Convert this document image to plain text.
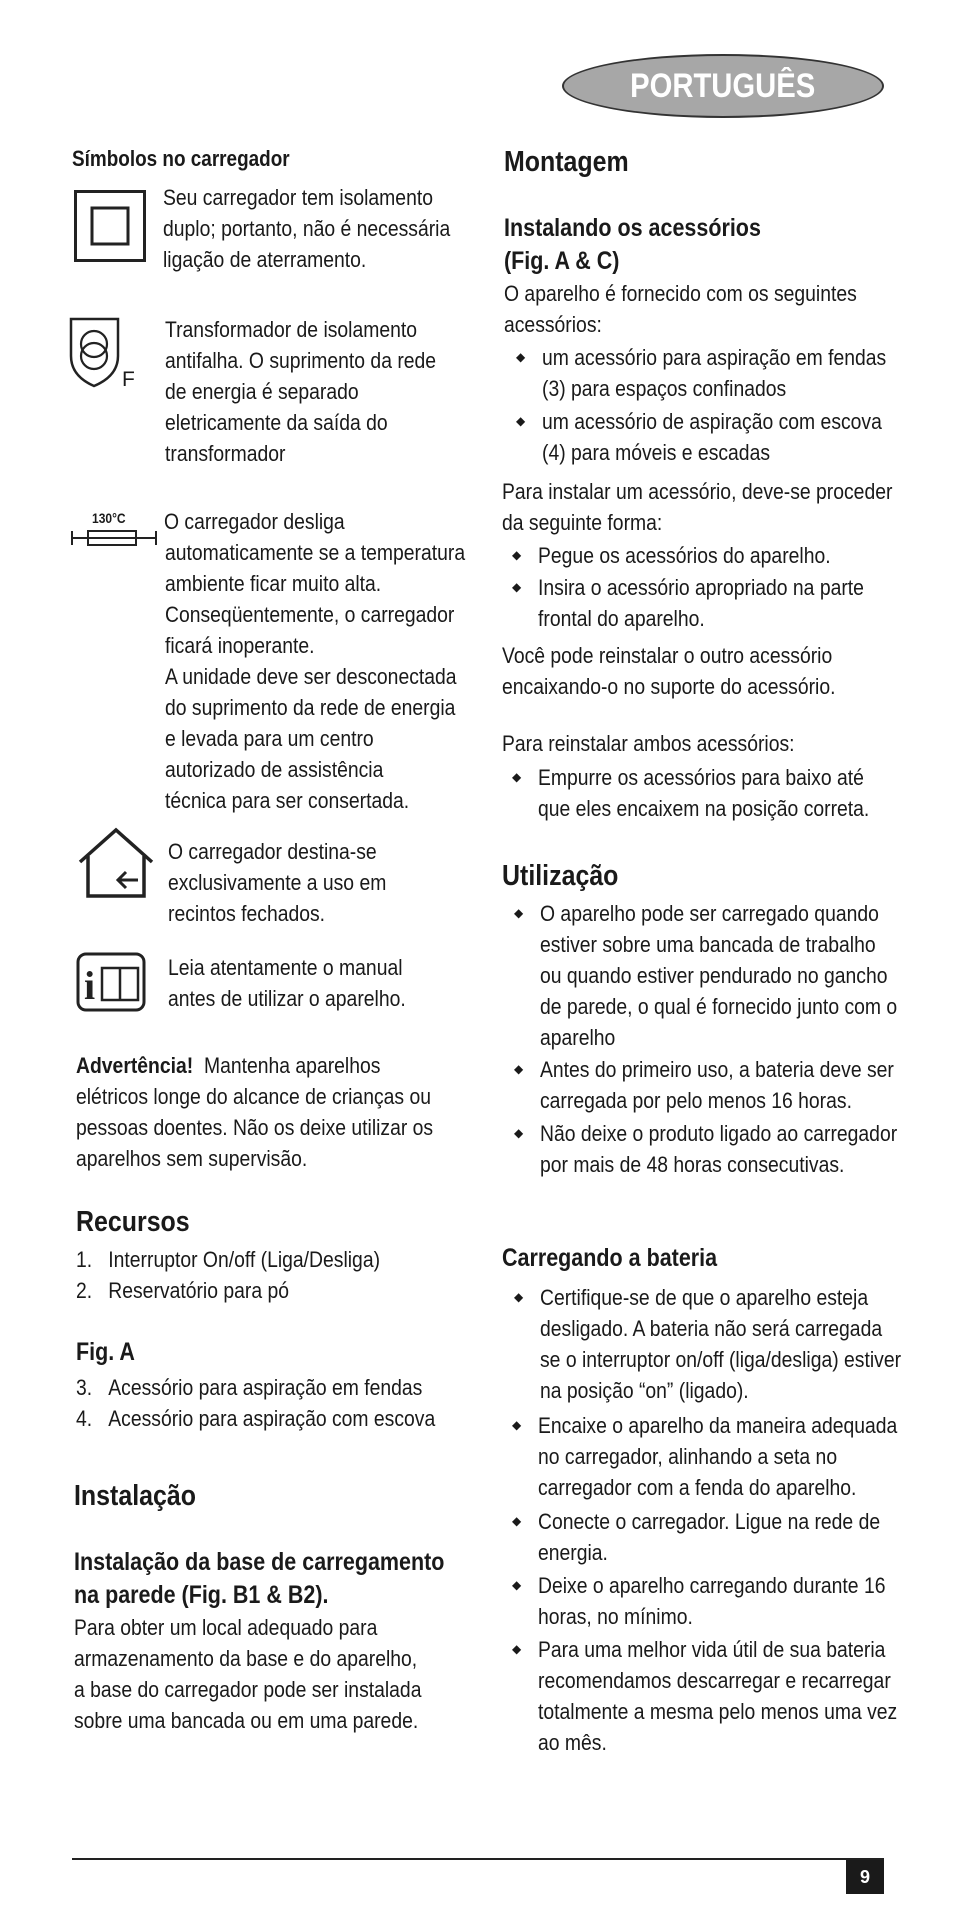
PORTUGUÊS
Símbolos no carregador
Seu carregador tem isolamento
duplo; portanto, não é necessária
ligação de aterramento.
F
Transformador de isolamento
antifalha. O suprimento da rede
de energia é separado
eletricamente da saída do
transformador
130°C O carregador desliga
automaticamente se a temperatura
ambiente ficar muito alta.
Conseqüentemente, o carregador
ficará inoperante.
A unidade deve ser desconectada
do suprimento da rede de energia
e levada para um centro
autorizado de assistência
técnica para ser consertada.
O carregador destina-se
exclusivamente a uso em
recintos fechados.
i	Leia atentamente o manual
antes de utilizar o aparelho.
Advertência! Mantenha aparelhos
elétricos longe do alcance de crianças ou
pessoas doentes. Não os deixe utilizar os
aparelhos sem supervisão.
Recursos
1. Interruptor On/off (Liga/Desliga)
2. Reservatório para pó
Fig. A
3. Acessório para aspiração em fendas
4. Acessório para aspiração com escova
Instalação
Instalação da base de carregamento
na parede (Fig. B1 & B2).
Para obter um local adequado para
armazenamento da base e do aparelho,
a base do carregador pode ser instalada
sobre uma bancada ou em uma parede.
Montagem
Instalando os acessórios
(Fig. A & C)
O aparelho é fornecido com os seguintes
acessórios:
◆ um acessório para aspiração em fendas
(3) para espaços confinados
◆ um acessório de aspiração com escova
(4) para móveis e escadas
Para instalar um acessório, deve-se proceder
da seguinte forma:
◆ Pegue os acessórios do aparelho.
◆ Insira o acessório apropriado na parte
frontal do aparelho.
Você pode reinstalar o outro acessório
encaixando-o no suporte do acessório.
Para reinstalar ambos acessórios:
◆ Empurre os acessórios para baixo até
que eles encaixem na posição correta.
Utilização
◆ O aparelho pode ser carregado quando
estiver sobre uma bancada de trabalho
ou quando estiver pendurado no gancho
de parede, o qual é fornecido junto com o
aparelho
◆ Antes do primeiro uso, a bateria deve ser
carregada por pelo menos 16 horas.
◆ Não deixe o produto ligado ao carregador
por mais de 48 horas consecutivas.
Carregando a bateria
◆ Certifique-se de que o aparelho esteja
desligado. A bateria não será carregada
se o interruptor on/off (liga/desliga) estiver
na posição “on” (ligado).
◆ Encaixe o aparelho da maneira adequada
no carregador, alinhando a seta no
carregador com a fenda do aparelho.
◆ Conecte o carregador. Ligue na rede de
energia.
◆ Deixe o aparelho carregando durante 16
horas, no mínimo.
◆ Para uma melhor vida útil de sua bateria
recomendamos descarregar e recarregar
totalmente a mesma pelo menos uma vez
ao mês.
9
